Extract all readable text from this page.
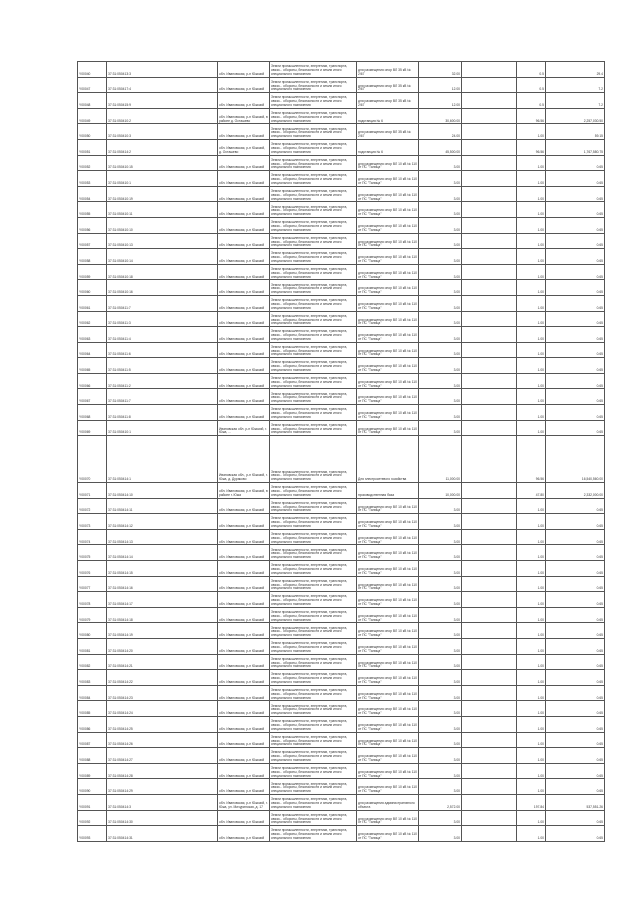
Y00040	37:31:050413:3	обл. Ивановская, р-н Южский	Земли промышленности, энергетики, транспорта, связи... обороны, безопасности и земли иного специального назначения	для размещения опор ВЛ 35 кВ № 2/67	32.00		0.5	29.4
Y00047	37:31:050417:4	обл. Ивановская, р-н Южский	Земли промышленности, энергетики, транспорта, связи... обороны, безопасности и земли иного специального назначения	для размещения опор ВЛ 35 кВ № 2/67	12.00		0.5	7.2
Y00048	37:31:050415:9	обл. Ивановская, р-н Южский	Земли промышленности, энергетики, транспорта, связи... обороны, безопасности и земли иного специального назначения	для размещения опор ВЛ 35 кВ № 2/67	12.00		0.5	7.2
Y00049	37:31:050410:2	обл. Ивановская, р-н Южский, в районе д. Осташево	Земли промышленности, энергетики, транспорта, связи... обороны, безопасности и земли иного специального назначения	подстанция № 6	30,600.00		96.56	2,257,030.50
Y00050	37:31:050410:3	обл. Ивановская, р-н Южский	Земли промышленности, энергетики, транспорта, связи... обороны, безопасности и земли иного специального назначения	для размещения опор ВЛ 35 кВ № 2/67	24.00		1.00	59.15
Y00051	37:31:050414:2	обл. Ивановская, р-н Южский, д. Осташево	Земли промышленности, энергетики, транспорта, связи... обороны, безопасности и земли иного специального назначения	подстанция № 6	45,500.00		96.56	1,767,580.75
Y00052	37:31:050410:15	обл. Ивановская, р-н Южский	Земли промышленности, энергетики, транспорта, связи... обороны, безопасности и земли иного специального назначения	для размещения опор ВЛ 10 кВ № 110 от ПС "Талица"	3.00		1.00	0.65
Y00053	37:31:050410:1	обл. Ивановская, р-н Южский	Земли промышленности, энергетики, транспорта, связи... обороны, безопасности и земли иного специального назначения	для размещения опор ВЛ 10 кВ № 110 от ПС "Талица"	3.00		1.00	0.65
Y00054	37:31:050410:19	обл. Ивановская, р-н Южский	Земли промышленности, энергетики, транспорта, связи... обороны, безопасности и земли иного специального назначения	для размещения опор ВЛ 10 кВ № 110 от ПС "Талица"	3.00		1.00	0.65
Y00055	37:31:050410:11	обл. Ивановская, р-н Южский	Земли промышленности, энергетики, транспорта, связи... обороны, безопасности и земли иного специального назначения	для размещения опор ВЛ 10 кВ № 110 от ПС "Талица"	3.00		1.00	0.65
Y00056	37:31:050410:10	обл. Ивановская, р-н Южский	Земли промышленности, энергетики, транспорта, связи... обороны, безопасности и земли иного специального назначения	для размещения опор ВЛ 10 кВ № 110 от ПС "Талица"	3.00		1.00	0.65
Y00057	37:31:050410:13	обл. Ивановская, р-н Южский	Земли промышленности, энергетики, транспорта, связи... обороны, безопасности и земли иного специального назначения	для размещения опор ВЛ 10 кВ № 110 от ПС "Талица"	3.00		1.00	0.65
Y00058	37:31:050410:14	обл. Ивановская, р-н Южский	Земли промышленности, энергетики, транспорта, связи... обороны, безопасности и земли иного специального назначения	для размещения опор ВЛ 10 кВ № 110 от ПС "Талица"	3.00		1.00	0.65
Y00059	37:31:050410:18	обл. Ивановская, р-н Южский	Земли промышленности, энергетики, транспорта, связи... обороны, безопасности и земли иного специального назначения	для размещения опор ВЛ 10 кВ № 110 от ПС "Талица"	3.00		1.00	0.65
Y00060	37:31:050410:16	обл. Ивановская, р-н Южский	Земли промышленности, энергетики, транспорта, связи... обороны, безопасности и земли иного специального назначения	для размещения опор ВЛ 10 кВ № 110 от ПС "Талица"	3.00		1.00	0.65
Y00061	37:31:050411:7	обл. Ивановская, р-н Южский	Земли промышленности, энергетики, транспорта, связи... обороны, безопасности и земли иного специального назначения	для размещения опор ВЛ 10 кВ № 110 от ПС "Талица"	3.00		1.00	0.65
Y00062	37:31:050411:3	обл. Ивановская, р-н Южский	Земли промышленности, энергетики, транспорта, связи... обороны, безопасности и земли иного специального назначения	для размещения опор ВЛ 10 кВ № 110 от ПС "Талица"	3.00		1.00	0.65
Y00063	37:31:050411:4	обл. Ивановская, р-н Южский	Земли промышленности, энергетики, транспорта, связи... обороны, безопасности и земли иного специального назначения	для размещения опор ВЛ 10 кВ № 110 от ПС "Талица"	3.00		1.00	0.65
Y00064	37:31:050411:6	обл. Ивановская, р-н Южский	Земли промышленности, энергетики, транспорта, связи... обороны, безопасности и земли иного специального назначения	для размещения опор ВЛ 10 кВ № 110 от ПС "Талица"	3.00		1.00	0.65
Y00065	37:31:050411:5	обл. Ивановская, р-н Южский	Земли промышленности, энергетики, транспорта, связи... обороны, безопасности и земли иного специального назначения	для размещения опор ВЛ 10 кВ № 110 от ПС "Талица"	3.00		1.00	0.65
Y00066	37:31:050411:2	обл. Ивановская, р-н Южский	Земли промышленности, энергетики, транспорта, связи... обороны, безопасности и земли иного специального назначения	для размещения опор ВЛ 10 кВ № 110 от ПС "Талица"	3.00		1.00	0.65
Y00067	37:31:050411:7	обл. Ивановская, р-н Южский	Земли промышленности, энергетики, транспорта, связи... обороны, безопасности и земли иного специального назначения	для размещения опор ВЛ 10 кВ № 110 от ПС "Талица"	3.00		1.00	0.65
Y00068	37:31:050411:8	обл. Ивановская, р-н Южский	Земли промышленности, энергетики, транспорта, связи... обороны, безопасности и земли иного специального назначения	для размещения опор ВЛ 10 кВ № 110 от ПС "Талица"	3.00		1.00	0.65
Y00069	37:31:050410:1	Ивановская обл. р-н Южский, г. Южа, ...	Земли промышленности, энергетики, транспорта, связи... обороны, безопасности и земли иного специального назначения	для размещения опор ВЛ 10 кВ № 110 от ПС "Талица"	3.00		1.00	0.65
Y00070	37:31:050414:1	Ивановская обл., р-н Южский, г. Южа, д. Дураково	Земли промышленности, энергетики, транспорта, связи... обороны, безопасности и земли иного специального назначения	Для электросетевого хозяйства	11,000.00		96.56	16,540,560.00
Y00071	37:31:050414:10	обл. Ивановская, р-н Южский, в районе г. Южа	Земли промышленности, энергетики, транспорта, связи... обороны, безопасности и земли иного специального назначения	производственная база	10,000.00		47.80	2,332,000.00
Y00072	37:31:050414:11	обл. Ивановская, р-н Южский	Земли промышленности, энергетики, транспорта, связи... обороны, безопасности и земли иного специального назначения	для размещения опор ВЛ 10 кВ № 110 от ПС "Талица"	3.00		1.00	0.65
Y00073	37:31:050414:12	обл. Ивановская, р-н Южский	Земли промышленности, энергетики, транспорта, связи... обороны, безопасности и земли иного специального назначения	для размещения опор ВЛ 10 кВ № 110 от ПС "Талица"	3.00		1.00	0.65
Y00074	37:31:050414:13	обл. Ивановская, р-н Южский	Земли промышленности, энергетики, транспорта, связи... обороны, безопасности и земли иного специального назначения	для размещения опор ВЛ 10 кВ № 110 от ПС "Талица"	3.00		1.00	0.65
Y00075	37:31:050414:14	обл. Ивановская, р-н Южский	Земли промышленности, энергетики, транспорта, связи... обороны, безопасности и земли иного специального назначения	для размещения опор ВЛ 10 кВ № 110 от ПС "Талица"	3.00		1.00	0.65
Y00076	37:31:050414:15	обл. Ивановская, р-н Южский	Земли промышленности, энергетики, транспорта, связи... обороны, безопасности и земли иного специального назначения	для размещения опор ВЛ 10 кВ № 110 от ПС "Талица"	3.00		1.00	0.65
Y00077	37:31:050414:16	обл. Ивановская, р-н Южский	Земли промышленности, энергетики, транспорта, связи... обороны, безопасности и земли иного специального назначения	для размещения опор ВЛ 10 кВ № 110 от ПС "Талица"	3.00		1.00	0.65
Y00078	37:31:050414:17	обл. Ивановская, р-н Южский	Земли промышленности, энергетики, транспорта, связи... обороны, безопасности и земли иного специального назначения	для размещения опор ВЛ 10 кВ № 110 от ПС "Талица"	3.00		1.00	0.65
Y00079	37:31:050414:18	обл. Ивановская, р-н Южский	Земли промышленности, энергетики, транспорта, связи... обороны, безопасности и земли иного специального назначения	для размещения опор ВЛ 10 кВ № 110 от ПС "Талица"	3.00		1.00	0.65
Y00080	37:31:050414:19	обл. Ивановская, р-н Южский	Земли промышленности, энергетики, транспорта, связи... обороны, безопасности и земли иного специального назначения	для размещения опор ВЛ 10 кВ № 110 от ПС "Талица"	3.00		1.00	0.65
Y00081	37:31:050414:20	обл. Ивановская, р-н Южский	Земли промышленности, энергетики, транспорта, связи... обороны, безопасности и земли иного специального назначения	для размещения опор ВЛ 10 кВ № 110 от ПС "Талица"	3.00		1.00	0.65
Y00082	37:31:050414:21	обл. Ивановская, р-н Южский	Земли промышленности, энергетики, транспорта, связи... обороны, безопасности и земли иного специального назначения	для размещения опор ВЛ 10 кВ № 110 от ПС "Талица"	3.00		1.00	0.65
Y00083	37:31:050414:22	обл. Ивановская, р-н Южский	Земли промышленности, энергетики, транспорта, связи... обороны, безопасности и земли иного специального назначения	для размещения опор ВЛ 10 кВ № 110 от ПС "Талица"	3.00		1.00	0.65
Y00084	37:31:050414:23	обл. Ивановская, р-н Южский	Земли промышленности, энергетики, транспорта, связи... обороны, безопасности и земли иного специального назначения	для размещения опор ВЛ 10 кВ № 110 от ПС "Талица"	3.00		1.00	0.65
Y00085	37:31:050414:24	обл. Ивановская, р-н Южский	Земли промышленности, энергетики, транспорта, связи... обороны, безопасности и земли иного специального назначения	для размещения опор ВЛ 10 кВ № 110 от ПС "Талица"	3.00		1.00	0.65
Y00086	37:31:050414:25	обл. Ивановская, р-н Южский	Земли промышленности, энергетики, транспорта, связи... обороны, безопасности и земли иного специального назначения	для размещения опор ВЛ 10 кВ № 110 от ПС "Талица"	3.00		1.00	0.65
Y00087	37:31:050414:26	обл. Ивановская, р-н Южский	Земли промышленности, энергетики, транспорта, связи... обороны, безопасности и земли иного специального назначения	для размещения опор ВЛ 10 кВ № 110 от ПС "Талица"	3.00		1.00	0.65
Y00088	37:31:050414:27	обл. Ивановская, р-н Южский	Земли промышленности, энергетики, транспорта, связи... обороны, безопасности и земли иного специального назначения	для размещения опор ВЛ 10 кВ № 110 от ПС "Талица"	3.00		1.00	0.65
Y00089	37:31:050414:28	обл. Ивановская, р-н Южский	Земли промышленности, энергетики, транспорта, связи... обороны, безопасности и земли иного специального назначения	для размещения опор ВЛ 10 кВ № 110 от ПС "Талица"	3.00		1.00	0.65
Y00090	37:31:050414:29	обл. Ивановская, р-н Южский	Земли промышленности, энергетики, транспорта, связи... обороны, безопасности и земли иного специального назначения	для размещения опор ВЛ 10 кВ № 110 от ПС "Талица"	3.00		1.00	0.65
Y00091	37:31:050414:3	обл. Ивановская, р-н Южский, г. Южа, ул. Мичуринская, д. 17	Земли промышленности, энергетики, транспорта, связи... обороны, безопасности и земли иного специального назначения	для размещения административного объекта	2,572.00		197.84	537,551.26
Y00092	37:31:050414:30	обл. Ивановская, р-н Южский	Земли промышленности, энергетики, транспорта, связи... обороны, безопасности и земли иного специального назначения	для размещения опор ВЛ 10 кВ № 110 от ПС "Талица"	3.00		1.00	0.65
Y00093	37:31:050414:31	обл. Ивановская, р-н Южский	Земли промышленности, энергетики, транспорта, связи... обороны, безопасности и земли иного специального назначения	для размещения опор ВЛ 10 кВ № 110 от ПС "Талица"	3.00		1.00	0.65
